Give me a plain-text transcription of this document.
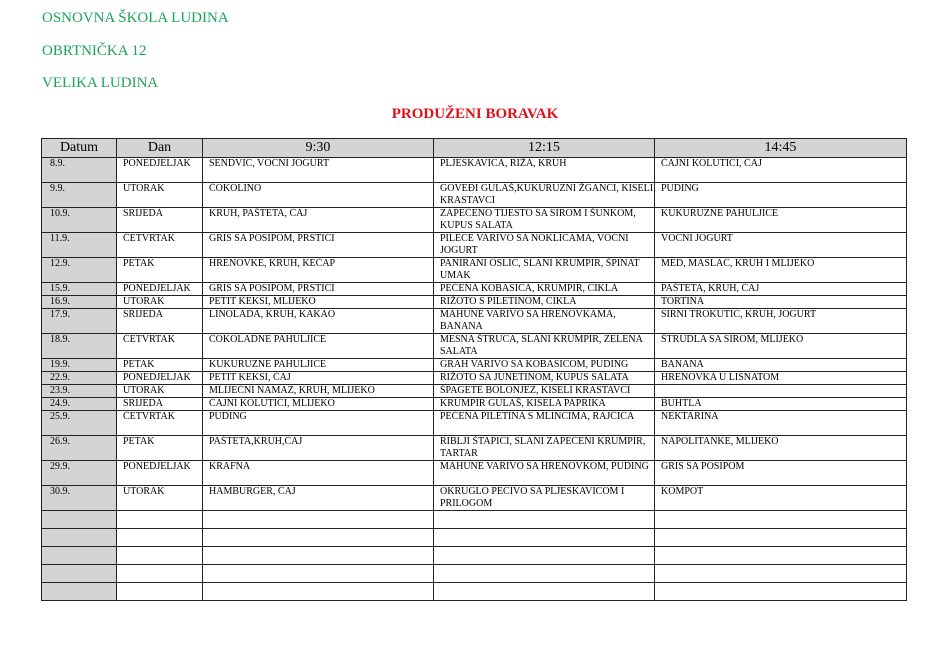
OSNOVNA ŠKOLA LUDINA
OBRTNIČKA 12
VELIKA LUDINA
PRODUŽENI BORAVAK
Datum	Dan	9:30	12:15	14:45
8.9.	PONEDJELJAK	SENDVIČ, VOĆNI JOGURT	PLJESKAVICA, RIŽA, KRUH	ČAJNI KOLUTIĆI, ČAJ
9.9.	UTORAK	ČOKOLINO	GOVEĐI GULAŠ,KUKURUZNI ŽGANCI, KISELI KRASTAVCI	PUDING
10.9.	SRIJEDA	KRUH, PAŠTETA, ČAJ	ZAPEČENO TIJESTO SA SIROM I ŠUNKOM, KUPUS SALATA	KUKURUZNE PAHULJICE
11.9.	ČETVRTAK	GRIS SA POSIPOM, PRSTIĆI	PILEĆE VARIVO SA NOKLICAMA, VOĆNI JOGURT	VOĆNI JOGURT
12.9.	PETAK	HRENOVKE, KRUH, KEČAP	PANIRANI OSLIĆ, SLANI KRUMPIR, ŠPINAT UMAK	MED, MASLAC, KRUH I MLIJEKO
15.9.	PONEDJELJAK	GRIS SA POSIPOM, PRSTIĆI	PEČENA KOBASICA, KRUMPIR, CIKLA	PAŠTETA, KRUH, ČAJ
16.9.	UTORAK	PETIT KEKSI, MLIJEKO	RIŽOTO S PILETINOM, CIKLA	TORTINA
17.9.	SRIJEDA	LINOLADA, KRUH, KAKAO	MAHUNE VARIVO SA HRENOVKAMA, BANANA	SIRNI TROKUTIĆ, KRUH, JOGURT
18.9.	ČETVRTAK	ČOKOLADNE PAHULJICE	MESNA ŠTRUCA, SLANI KRUMPIR, ZELENA SALATA	ŠTRUDLA SA SIROM, MLIJEKO
19.9.	PETAK	KUKURUZNE PAHULJICE	GRAH VARIVO SA KOBASICOM, PUDING	BANANA
22.9.	PONEDJELJAK	PETIT KEKSI, ČAJ	RIŽOTO SA JUNETINOM, KUPUS SALATA	HRENOVKA U LISNATOM
23.9.	UTORAK	MLIJEČNI NAMAZ, KRUH, MLIJEKO	ŠPAGETE BOLONJEZ, KISELI KRASTAVCI	
24.9.	SRIJEDA	ČAJNI KOLUTIĆI, MLIJEKO	KRUMPIR GULAŠ, KISELA PAPRIKA	BUHTLA
25.9.	ČETVRTAK	PUDING	PEČENA PILETINA S MLINCIMA, RAJČICA	NEKTARINA
26.9.	PETAK	PAŠTETA,KRUH,ČAJ	RIBLJI ŠTAPIĆI, SLANI ZAPEČENI KRUMPIR, TARTAR	NAPOLITANKE, MLIJEKO
29.9.	PONEDJELJAK	KRAFNA	MAHUNE VARIVO SA HRENOVKOM, PUDING	GRIS SA POSIPOM
30.9.	UTORAK	HAMBURGER, ČAJ	OKRUGLO PECIVO SA PLJESKAVICOM I PRILOGOM	KOMPOT
